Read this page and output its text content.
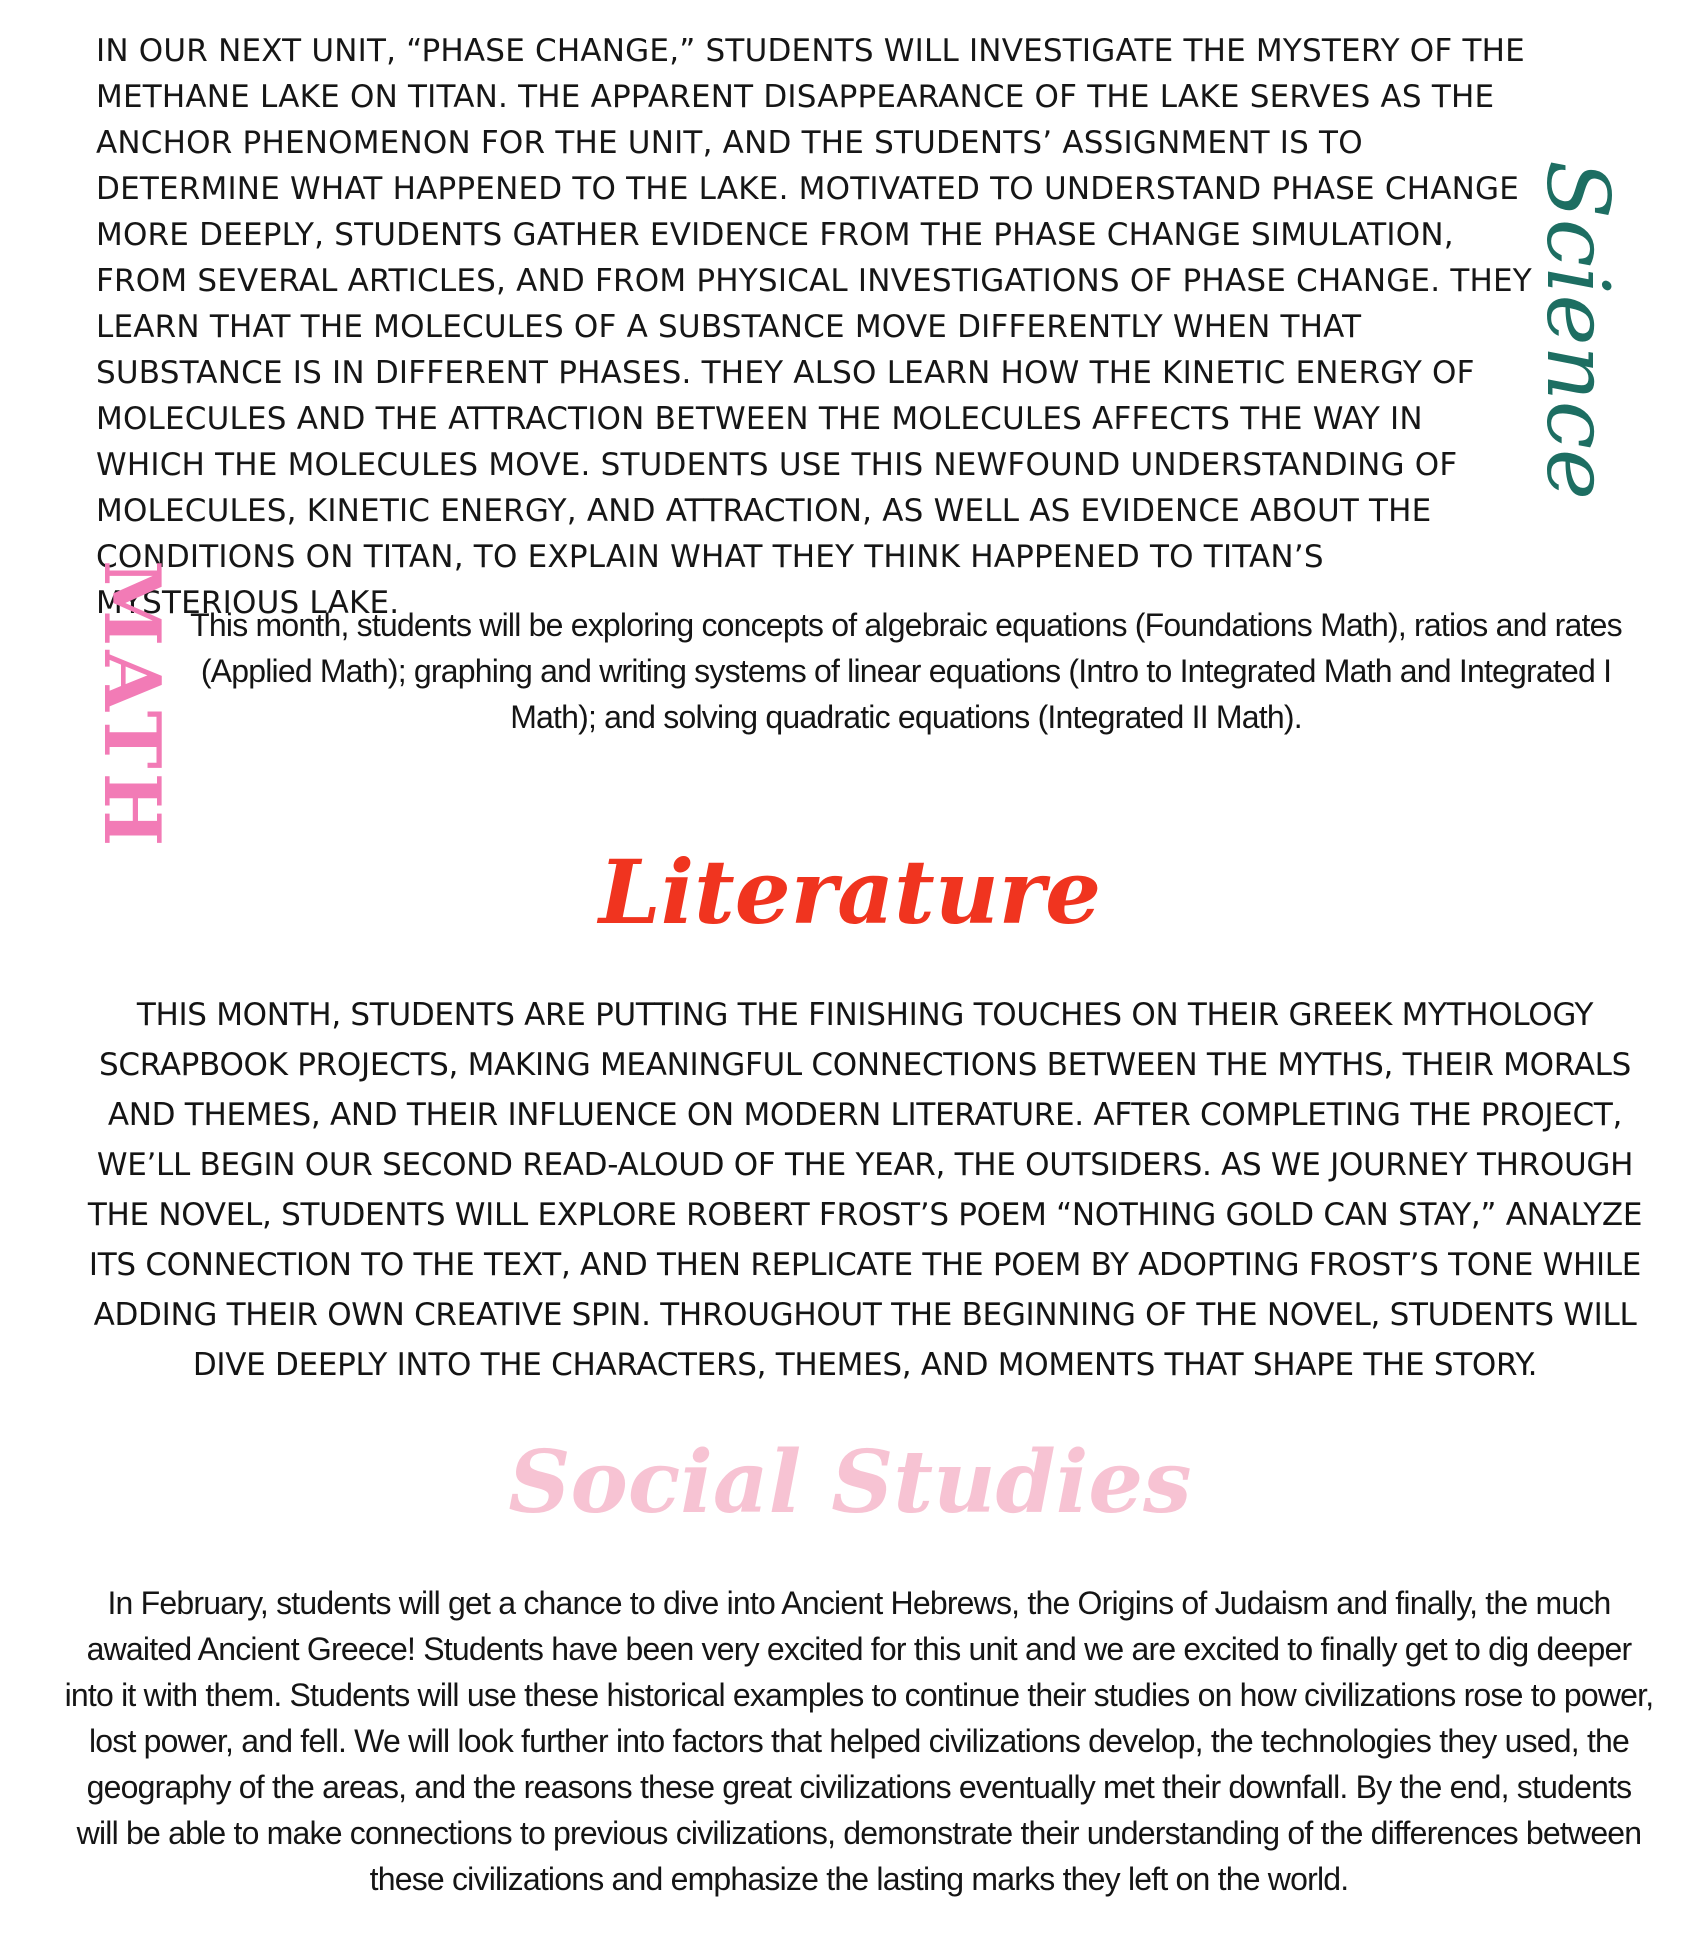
IN OUR NEXT UNIT, “PHASE CHANGE,” STUDENTS WILL INVESTIGATE THE MYSTERY OF THE METHANE LAKE ON TITAN. THE APPARENT DISAPPEARANCE OF THE LAKE SERVES AS THE ANCHOR PHENOMENON FOR THE UNIT, AND THE STUDENTS’ ASSIGNMENT IS TO DETERMINE WHAT HAPPENED TO THE LAKE. MOTIVATED TO UNDERSTAND PHASE CHANGE MORE DEEPLY, STUDENTS GATHER EVIDENCE FROM THE PHASE CHANGE SIMULATION, FROM SEVERAL ARTICLES, AND FROM PHYSICAL INVESTIGATIONS OF PHASE CHANGE. THEY LEARN THAT THE MOLECULES OF A SUBSTANCE MOVE DIFFERENTLY WHEN THAT SUBSTANCE IS IN DIFFERENT PHASES. THEY ALSO LEARN HOW THE KINETIC ENERGY OF MOLECULES AND THE ATTRACTION BETWEEN THE MOLECULES AFFECTS THE WAY IN WHICH THE MOLECULES MOVE. STUDENTS USE THIS NEWFOUND UNDERSTANDING OF MOLECULES, KINETIC ENERGY, AND ATTRACTION, AS WELL AS EVIDENCE ABOUT THE CONDITIONS ON TITAN, TO EXPLAIN WHAT THEY THINK HAPPENED TO TITAN’S MYSTERIOUS LAKE.

Science
MATH This month, students will be exploring concepts of algebraic equations (Foundations Math), ratios and rates (Applied Math); graphing and writing systems of linear equations (Intro to Integrated Math and Integrated I Math); and solving quadratic equations (Integrated II Math).

Literature

THIS MONTH, STUDENTS ARE PUTTING THE FINISHING TOUCHES ON THEIR GREEK MYTHOLOGY SCRAPBOOK PROJECTS, MAKING MEANINGFUL CONNECTIONS BETWEEN THE MYTHS, THEIR MORALS AND THEMES, AND THEIR INFLUENCE ON MODERN LITERATURE. AFTER COMPLETING THE PROJECT, WE’LL BEGIN OUR SECOND READ-ALOUD OF THE YEAR, THE OUTSIDERS. AS WE JOURNEY THROUGH THE NOVEL, STUDENTS WILL EXPLORE ROBERT FROST’S POEM “NOTHING GOLD CAN STAY,” ANALYZE ITS CONNECTION TO THE TEXT, AND THEN REPLICATE THE POEM BY ADOPTING FROST’S TONE WHILE ADDING THEIR OWN CREATIVE SPIN. THROUGHOUT THE BEGINNING OF THE NOVEL, STUDENTS WILL DIVE DEEPLY INTO THE CHARACTERS, THEMES, AND MOMENTS THAT SHAPE THE STORY.

Social Studies

In February, students will get a chance to dive into Ancient Hebrews, the Origins of Judaism and finally, the much awaited Ancient Greece! Students have been very excited for this unit and we are excited to finally get to dig deeper into it with them. Students will use these historical examples to continue their studies on how civilizations rose to power, lost power, and fell. We will look further into factors that helped civilizations develop, the technologies they used, the geography of the areas, and the reasons these great civilizations eventually met their downfall. By the end, students will be able to make connections to previous civilizations, demonstrate their understanding of the differences between these civilizations and emphasize the lasting marks they left on the world.
